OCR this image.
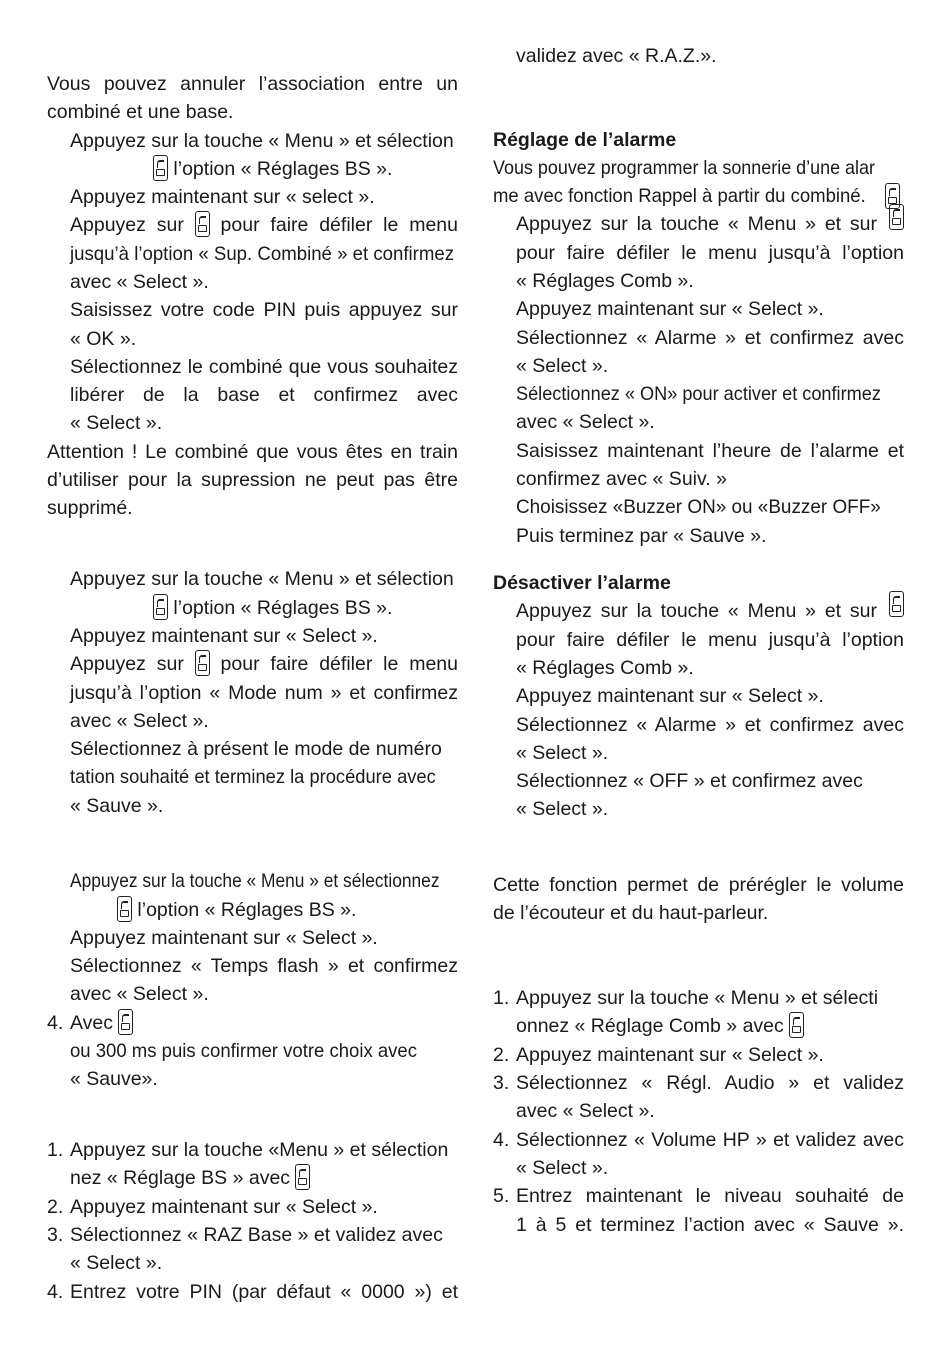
Vous pouvez annuler l’association entre un
combiné et une base.
Appuyez sur la touche « Menu » et sélection
l’option « Réglages BS ».
Appuyez maintenant sur « select ».
Appuyez sur pour faire défiler le menu
jusqu’à l’option « Sup. Combiné » et confirmez
avec « Select ».
Saisissez votre code PIN puis appuyez sur
« OK ».
Sélectionnez le combiné que vous souhaitez
libérer de la base et confirmez avec
« Select ».
Attention ! Le combiné que vous êtes en train
d’utiliser pour la supression ne peut pas être
supprimé.
Appuyez sur la touche « Menu » et sélection
l’option « Réglages BS ».
Appuyez maintenant sur « Select ».
Appuyez sur pour faire défiler le menu
jusqu’à l’option « Mode num » et confirmez
avec « Select ».
Sélectionnez à présent le mode de numéro
tation souhaité et terminez la procédure avec
« Sauve ».
Appuyez sur la touche « Menu » et sélectionnez
l’option « Réglages BS ».
Appuyez maintenant sur « Select ».
Sélectionnez « Temps flash » et confirmez
avec « Select ».
4. Avec
ou 300 ms puis confirmer votre choix avec
« Sauve».
1. Appuyez sur la touche «Menu » et sélection
nez « Réglage BS » avec
2. Appuyez maintenant sur « Select ».
3. Sélectionnez « RAZ Base » et validez avec
« Select ».
4. Entrez votre PIN (par défaut « 0000 ») et
validez avec « R.A.Z.».
Réglage de l’alarme
Vous pouvez programmer la sonnerie d’une alar
me avec fonction Rappel à partir du combiné.
Appuyez sur la touche « Menu » et sur
pour faire défiler le menu jusqu’à l’option
« Réglages Comb ».
Appuyez maintenant sur « Select ».
Sélectionnez « Alarme » et confirmez avec
« Select ».
Sélectionnez « ON» pour activer et confirmez
avec « Select ».
Saisissez maintenant l’heure de l’alarme et
confirmez avec « Suiv. »
Choisissez «Buzzer ON» ou «Buzzer OFF»
Puis terminez par « Sauve ».
Désactiver l’alarme
Appuyez sur la touche « Menu » et sur
pour faire défiler le menu jusqu’à l’option
« Réglages Comb ».
Appuyez maintenant sur « Select ».
Sélectionnez « Alarme » et confirmez avec
« Select ».
Sélectionnez « OFF » et confirmez avec
« Select ».
Cette fonction permet de prérégler le volume
de l’écouteur et du haut-parleur.
1. Appuyez sur la touche « Menu » et sélecti
onnez « Réglage Comb » avec
2. Appuyez maintenant sur « Select ».
3. Sélectionnez « Régl. Audio » et validez
avec « Select ».
4. Sélectionnez « Volume HP » et validez avec
« Select ».
5. Entrez maintenant le niveau souhaité de
1 à 5 et terminez l’action avec « Sauve ».
